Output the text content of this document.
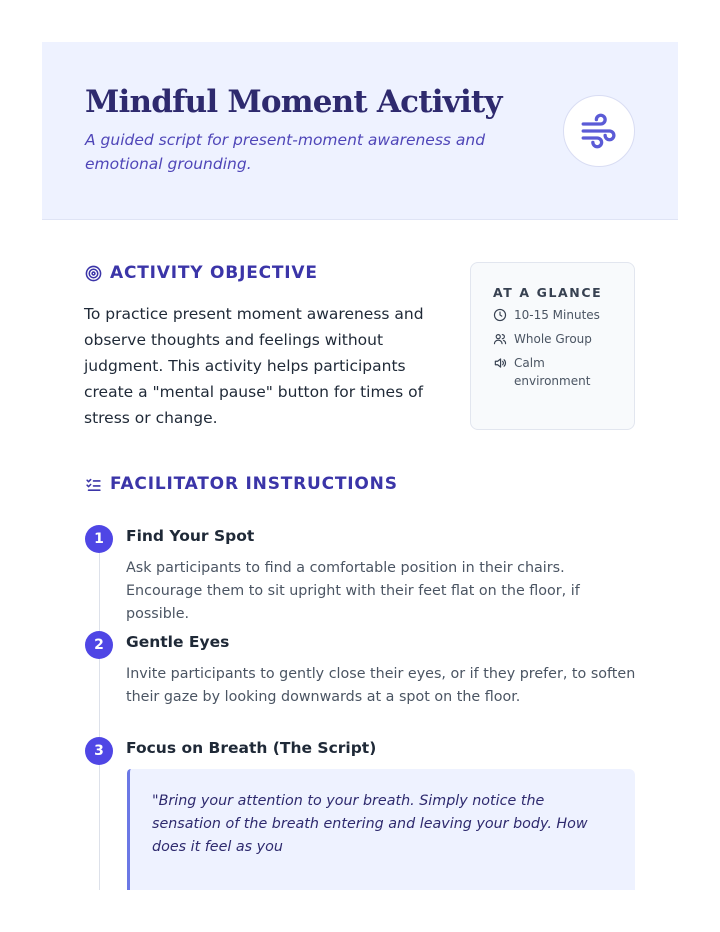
Mindful Moment Activity

A guided script for present-moment awareness and emotional grounding.

ACTIVITY OBJECTIVE

To practice present moment awareness and observe thoughts and feelings without judgment. This activity helps participants create a "mental pause" button for times of stress or change.

AT A GLANCE
10-15 Minutes
Whole Group
Calm environment
FACILITATOR INSTRUCTIONS
1	Find Your Spot

Ask participants to find a comfortable position in their chairs. Encourage them to sit upright with their feet flat on the floor, if possible.

2	Gentle Eyes

Invite participants to gently close their eyes, or if they prefer, to soften their gaze by looking downwards at a spot on the floor.

3	Focus on Breath (The Script)
"Bring your attention to your breath. Simply notice the sensation of the breath entering and leaving your body. How does it feel as you
